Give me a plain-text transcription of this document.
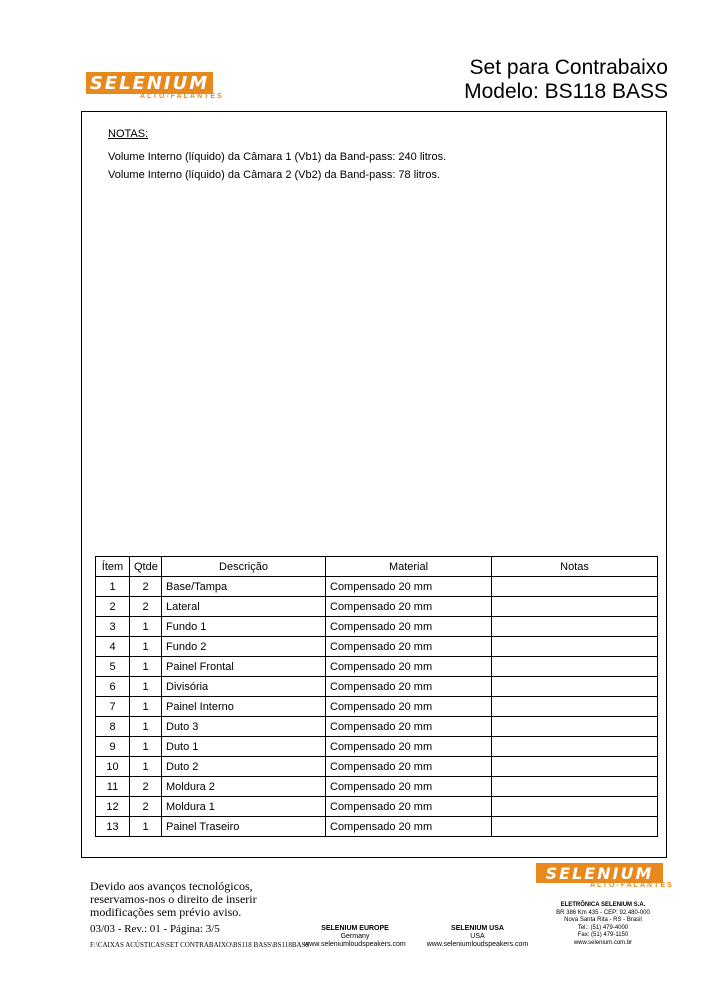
SELENIUM
ALTO-FALANTES
Set para Contrabaixo
Modelo: BS118 BASS
NOTAS:
Volume Interno (líquido) da Câmara 1 (Vb1) da Band-pass: 240 litros.
Volume Interno (líquido) da Câmara 2 (Vb2) da Band-pass: 78 litros.
Ítem	Qtde	Descrição	Material	Notas
1	2	Base/Tampa	Compensado 20 mm	
2	2	Lateral	Compensado 20 mm	
3	1	Fundo 1	Compensado 20 mm	
4	1	Fundo 2	Compensado 20 mm	
5	1	Painel Frontal	Compensado 20 mm	
6	1	Divisória	Compensado 20 mm	
7	1	Painel Interno	Compensado 20 mm	
8	1	Duto 3	Compensado 20 mm	
9	1	Duto 1	Compensado 20 mm	
10	1	Duto 2	Compensado 20 mm	
11	2	Moldura 2	Compensado 20 mm	
12	2	Moldura 1	Compensado 20 mm	
13	1	Painel Traseiro	Compensado 20 mm	
SELENIUM
ALTO-FALANTES
Devido aos avanços tecnológicos,
reservamos-nos o direito de inserir
modificações sem prévio aviso.
03/03 - Rev.: 01 - Página: 3/5
F:\CAIXAS ACÚSTICAS\SET CONTRABAIXO\BS118 BASS\BS118BASS
SELENIUM EUROPE
Germany
www.seleniumloudspeakers.com
SELENIUM USA
USA
www.seleniumloudspeakers.com
ELETRÔNICA SELENIUM S.A.
BR 386 Km 435 - CEP: 92.480-000
Nova Santa Rita - RS - Brasil
Tel.: (51) 479-4000
Fax: (51) 479-1150
www.selenium.com.br
